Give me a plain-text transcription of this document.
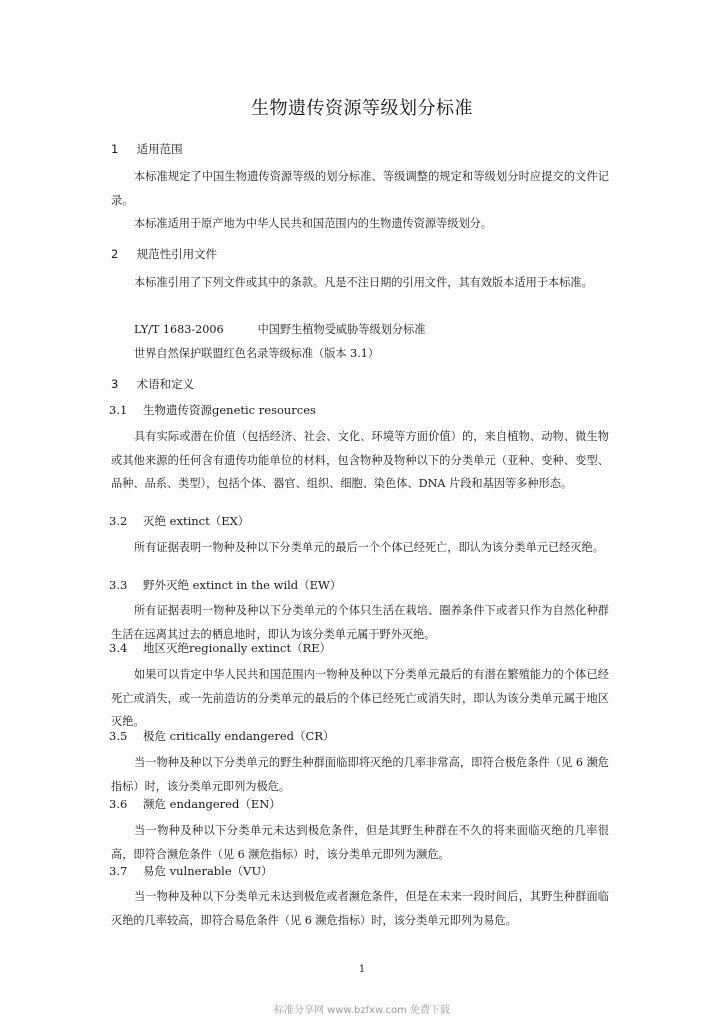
生物遗传资源等级划分标准
1 适用范围

本标准规定了中国生物遗传资源等级的划分标准、等级调整的规定和等级划分时应提交的文件记录。

本标准适用于原产地为中华人民共和国范围内的生物遗传资源等级划分。

2 规范性引用文件

本标准引用了下列文件或其中的条款。凡是不注日期的引用文件，其有效版本适用于本标准。

LY/T 1683-2006	中国野生植物受威胁等级划分标准
世界自然保护联盟红色名录等级标准（版本 3.1）
3 术语和定义
3.1 生物遗传资源genetic resources

具有实际或潜在价值（包括经济、社会、文化、环境等方面价值）的，来自植物、动物、微生物或其他来源的任何含有遗传功能单位的材料，包含物种及物种以下的分类单元（亚种、变种、变型、品种、品系、类型），包括个体、器官、组织、细胞、染色体、DNA 片段和基因等多种形态。

3.2 灭绝 extinct（EX）

所有证据表明一物种及种以下分类单元的最后一个个体已经死亡，即认为该分类单元已经灭绝。

3.3 野外灭绝 extinct in the wild（EW）

所有证据表明一物种及种以下分类单元的个体只生活在栽培、圈养条件下或者只作为自然化种群生活在远离其过去的栖息地时，即认为该分类单元属于野外灭绝。

3.4 地区灭绝regionally extinct（RE）

如果可以肯定中华人民共和国范围内一物种及种以下分类单元最后的有潜在繁殖能力的个体已经死亡或消失，或一先前造访的分类单元的最后的个体已经死亡或消失时，即认为该分类单元属于地区灭绝。

3.5 极危 critically endangered（CR）

当一物种及种以下分类单元的野生种群面临即将灭绝的几率非常高，即符合极危条件（见 6 濒危指标）时，该分类单元即列为极危。

3.6 濒危 endangered（EN）

当一物种及种以下分类单元未达到极危条件，但是其野生种群在不久的将来面临灭绝的几率很高，即符合濒危条件（见 6 濒危指标）时，该分类单元即列为濒危。

3.7 易危 vulnerable（VU）

当一物种及种以下分类单元未达到极危或者濒危条件，但是在未来一段时间后，其野生种群面临灭绝的几率较高，即符合易危条件（见 6 濒危指标）时，该分类单元即列为易危。

1
标准分享网 www.bzfxw.com 免费下载
